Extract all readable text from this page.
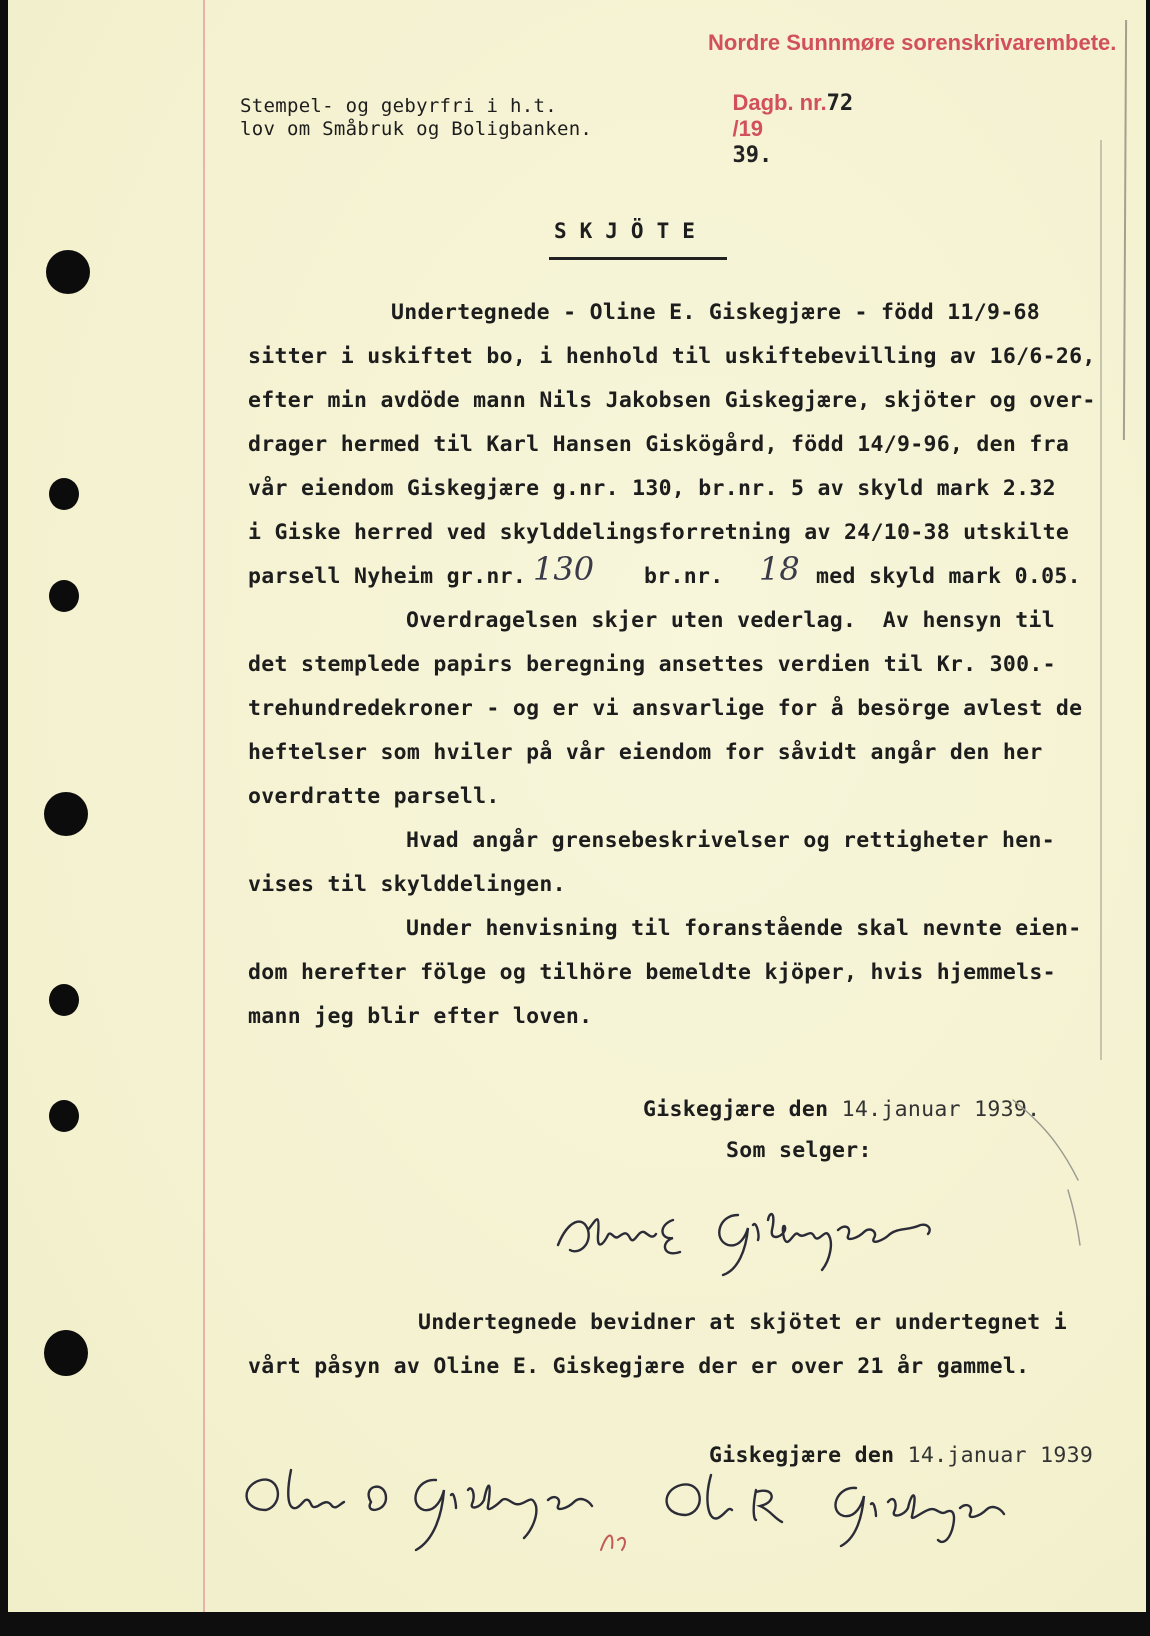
Nordre Sunnmøre sorenskrivarembete.

Dagb. nr.72
/19
39.

Stempel- og gebyrfri i h.t.
lov om Småbruk og Boligbanken.
SKJÖTE
Undertegnede - Oline E. Giskegjære - född 11/9-68
sitter i uskiftet bo, i henhold til uskiftebevilling av 16/6-26,
efter min avdöde mann Nils Jakobsen Giskegjære, skjöter og over-
drager hermed til Karl Hansen Giskögård, född 14/9-96, den fra
vår eiendom Giskegjære g.nr. 130, br.nr. 5 av skyld mark 2.32
i Giske herred ved skylddelingsforretning av 24/10-38 utskilte
parsell Nyheim gr.nr. 130 br.nr. 18 med skyld mark 0.05.
Overdragelsen skjer uten vederlag.  Av hensyn til
det stemplede papirs beregning ansettes verdien til Kr. 300.-
trehundredekroner - og er vi ansvarlige for å besörge avlest de
heftelser som hviler på vår eiendom for såvidt angår den her
overdratte parsell.
Hvad angår grensebeskrivelser og rettigheter hen-
vises til skylddelingen.
Under henvisning til foranstående skal nevnte eien-
dom herefter fölge og tilhöre bemeldte kjöper, hvis hjemmels-
mann jeg blir efter loven.

Giskegjære den 14.januar 1939.

Som selger:
Undertegnede bevidner at skjötet er undertegnet i
vårt påsyn av Oline E. Giskegjære der er over 21 år gammel.

Giskegjære den 14.januar 1939
